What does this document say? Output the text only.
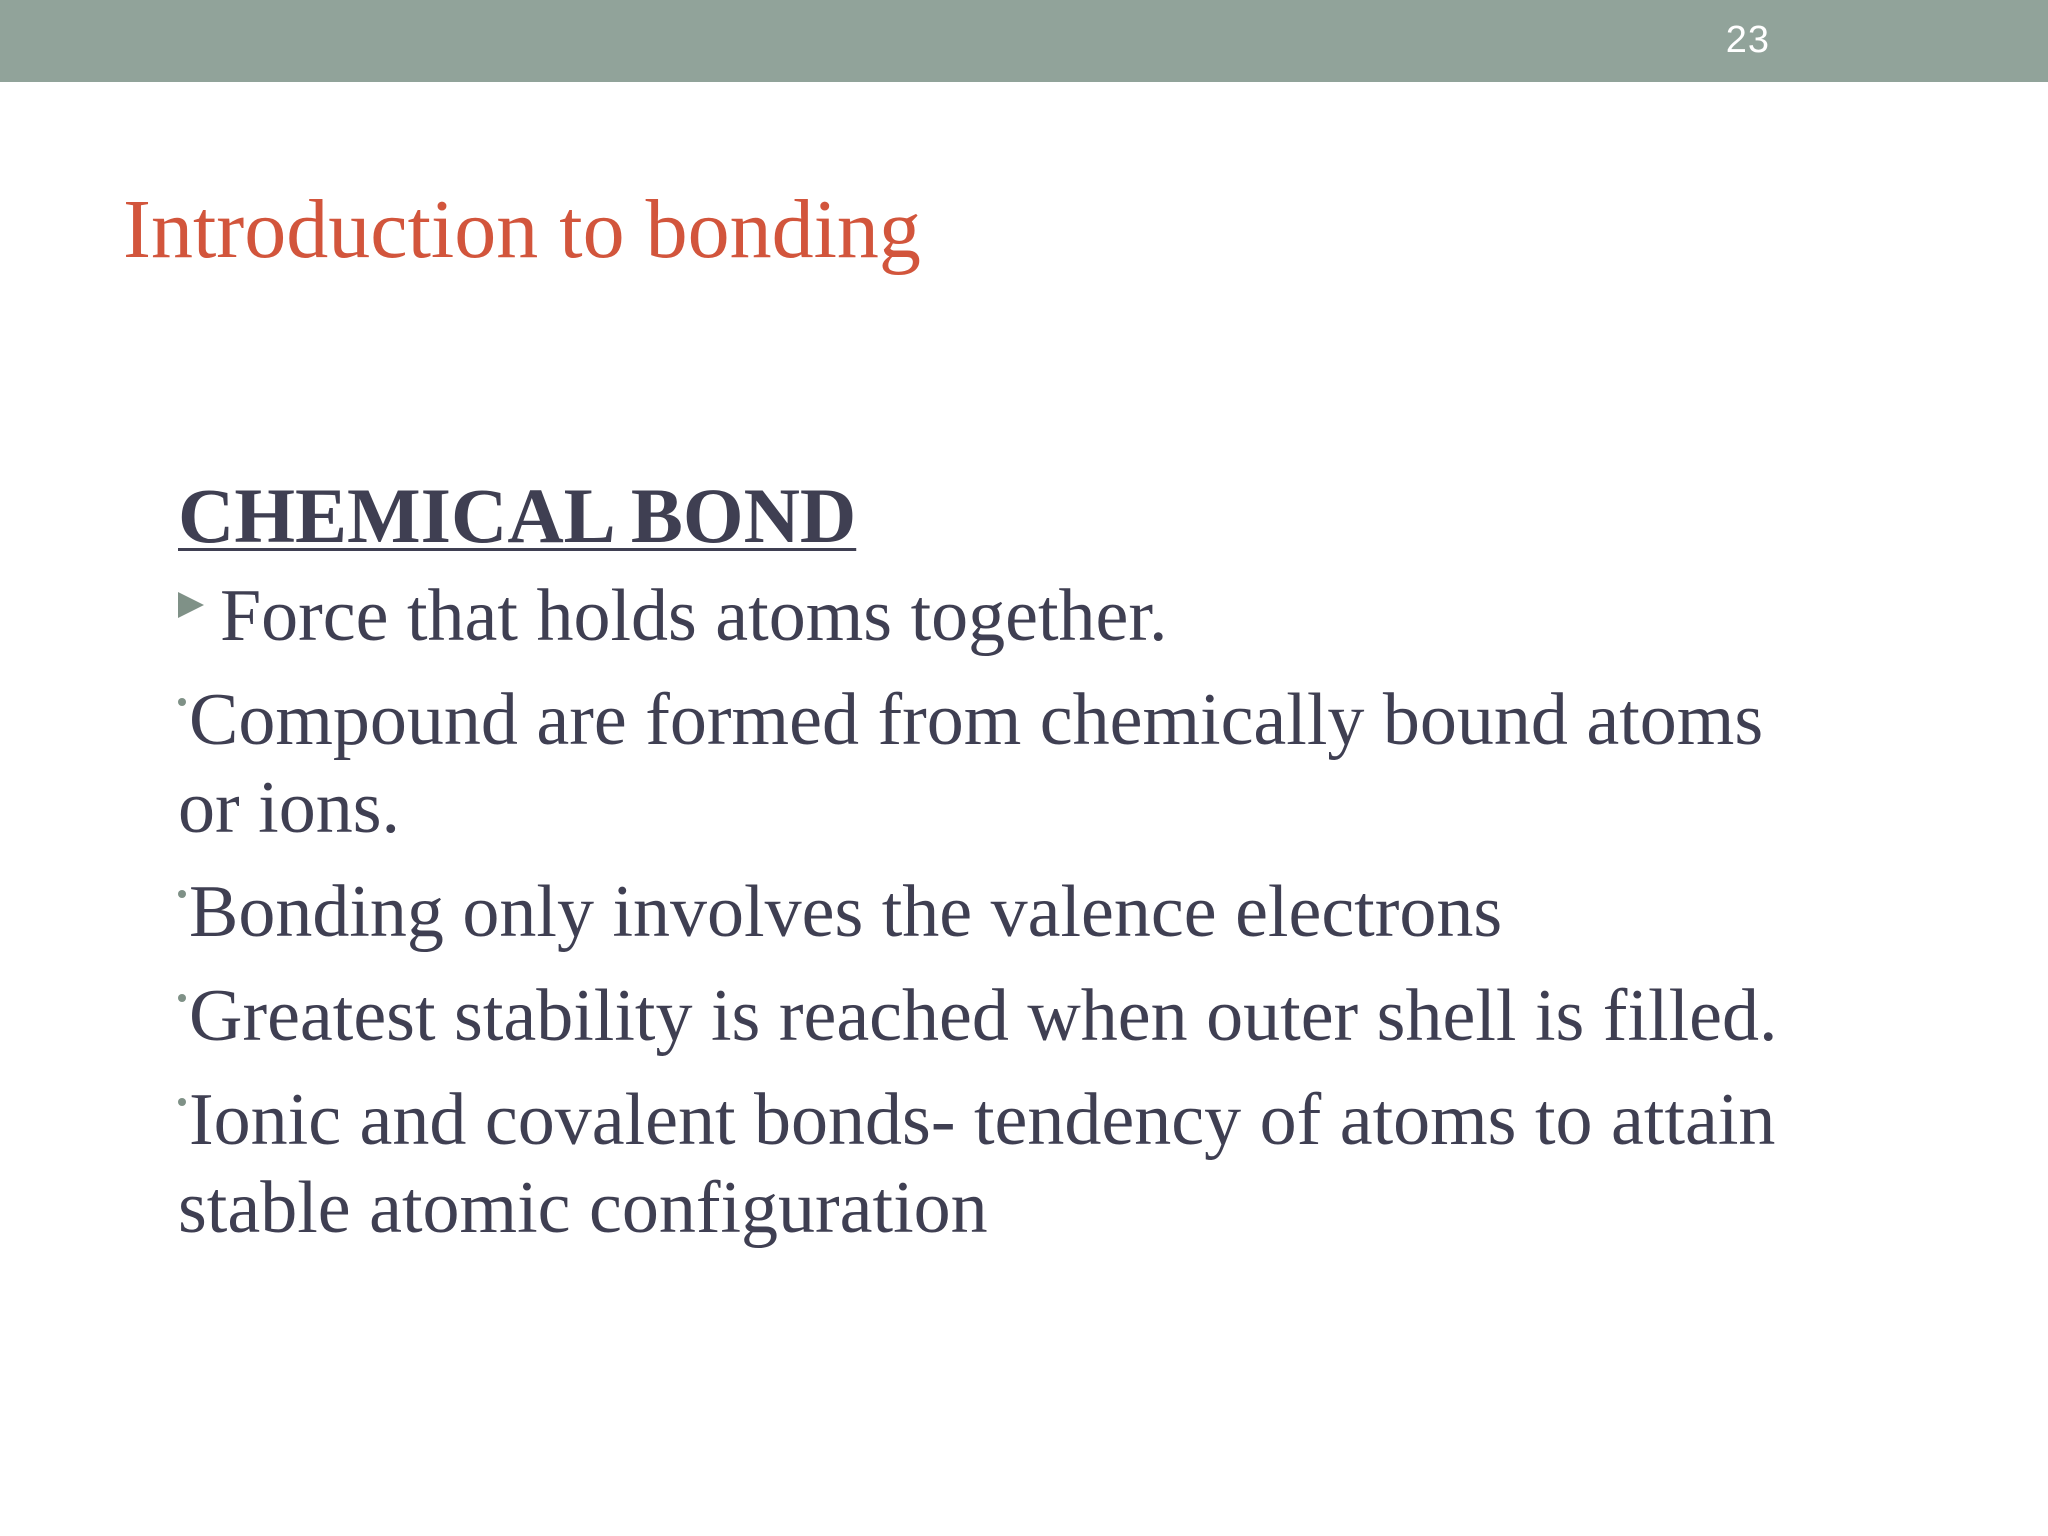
23
Introduction to bonding
CHEMICAL BOND
Force that holds atoms together.
Compound are formed from chemically bound atoms or ions.
Bonding only involves the valence electrons
Greatest stability is reached when outer shell is filled.
Ionic and covalent bonds- tendency of atoms to attain stable atomic configuration
